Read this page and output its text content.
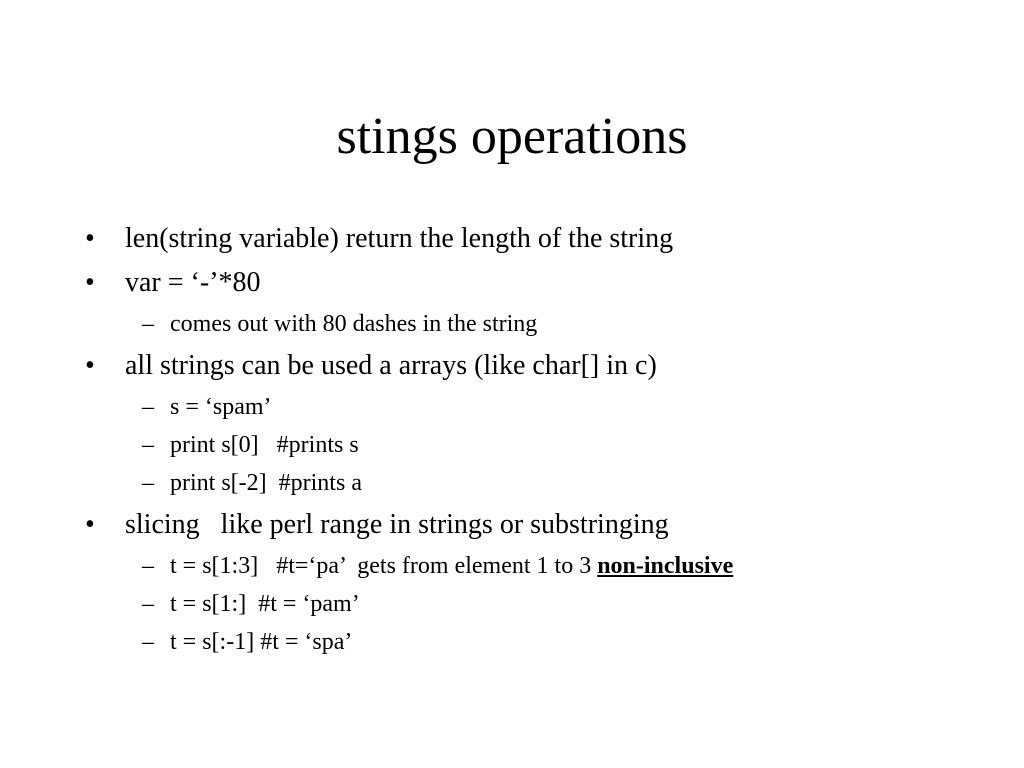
stings operations
•	len(string variable) return the length of the string
•	var = ‘-’*80
– comes out with 80 dashes in the string
•	all strings can be used a arrays (like char[] in c)
– s = ‘spam’
– print s[0]   #prints s
– print s[-2]  #prints a
•	slicing   like perl range in strings or substringing
– t = s[1:3]   #t=‘pa’  gets from element 1 to 3 non-inclusive
– t = s[1:]  #t = ‘pam’
– t = s[:-1] #t = ‘spa’
